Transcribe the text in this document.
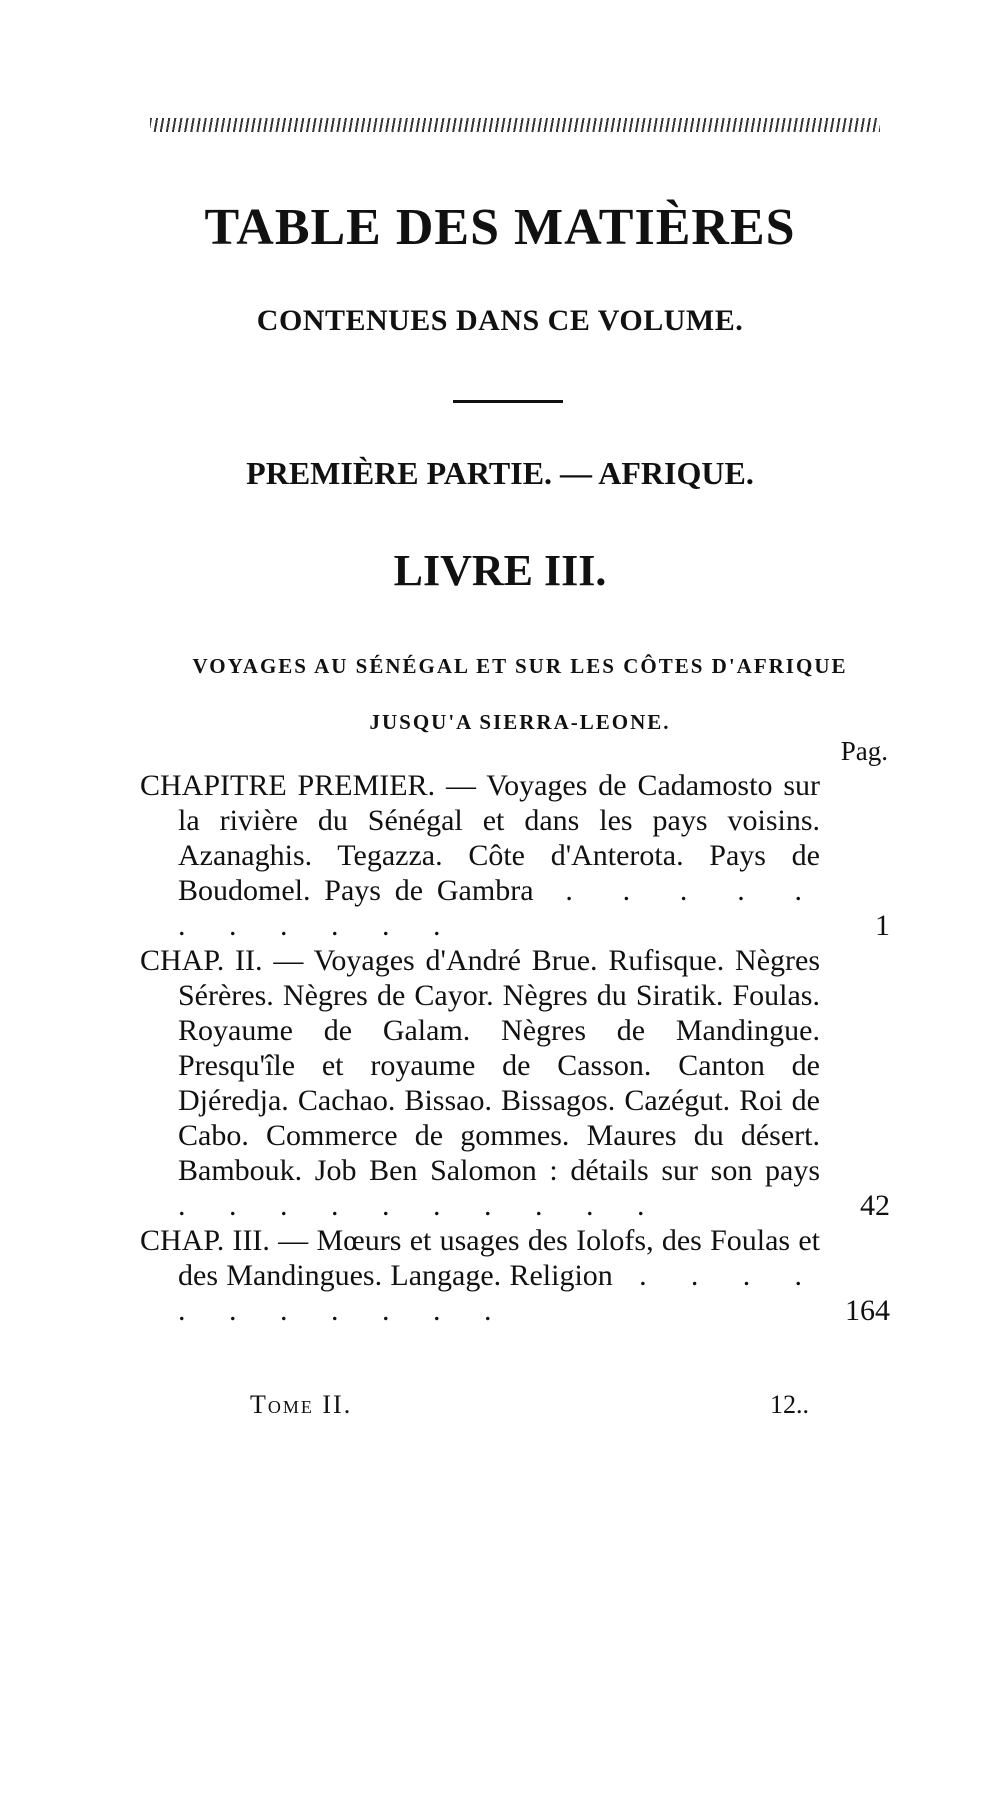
TABLE DES MATIÈRES
CONTENUES DANS CE VOLUME.
PREMIÈRE PARTIE. — AFRIQUE.
LIVRE III.
VOYAGES AU SÉNÉGAL ET SUR LES CÔTES D'AFRIQUE JUSQU'A SIERRA-LEONE.
Pag.
CHAPITRE PREMIER. — Voyages de Cadamosto sur la rivière du Sénégal et dans les pays voisins. Azanaghis. Tegazza. Côte d'Anterota. Pays de Boudomel. Pays de Gambra . . . . . . . . . . .	1
CHAP. II. — Voyages d'André Brue. Rufisque. Nègres Sérères. Nègres de Cayor. Nègres du Siratik. Foulas. Royaume de Galam. Nègres de Mandingue. Presqu'île et royaume de Casson. Canton de Djéredja. Cachao. Bissao. Bissagos. Cazégut. Roi de Cabo. Commerce de gommes. Maures du désert. Bambouk. Job Ben Salomon : détails sur son pays . . . . . . . . . .	42
CHAP. III. — Mœurs et usages des Iolofs, des Foulas et des Mandingues. Langage. Religion . . . . . . . . . . .	164
Tome II.	12..
